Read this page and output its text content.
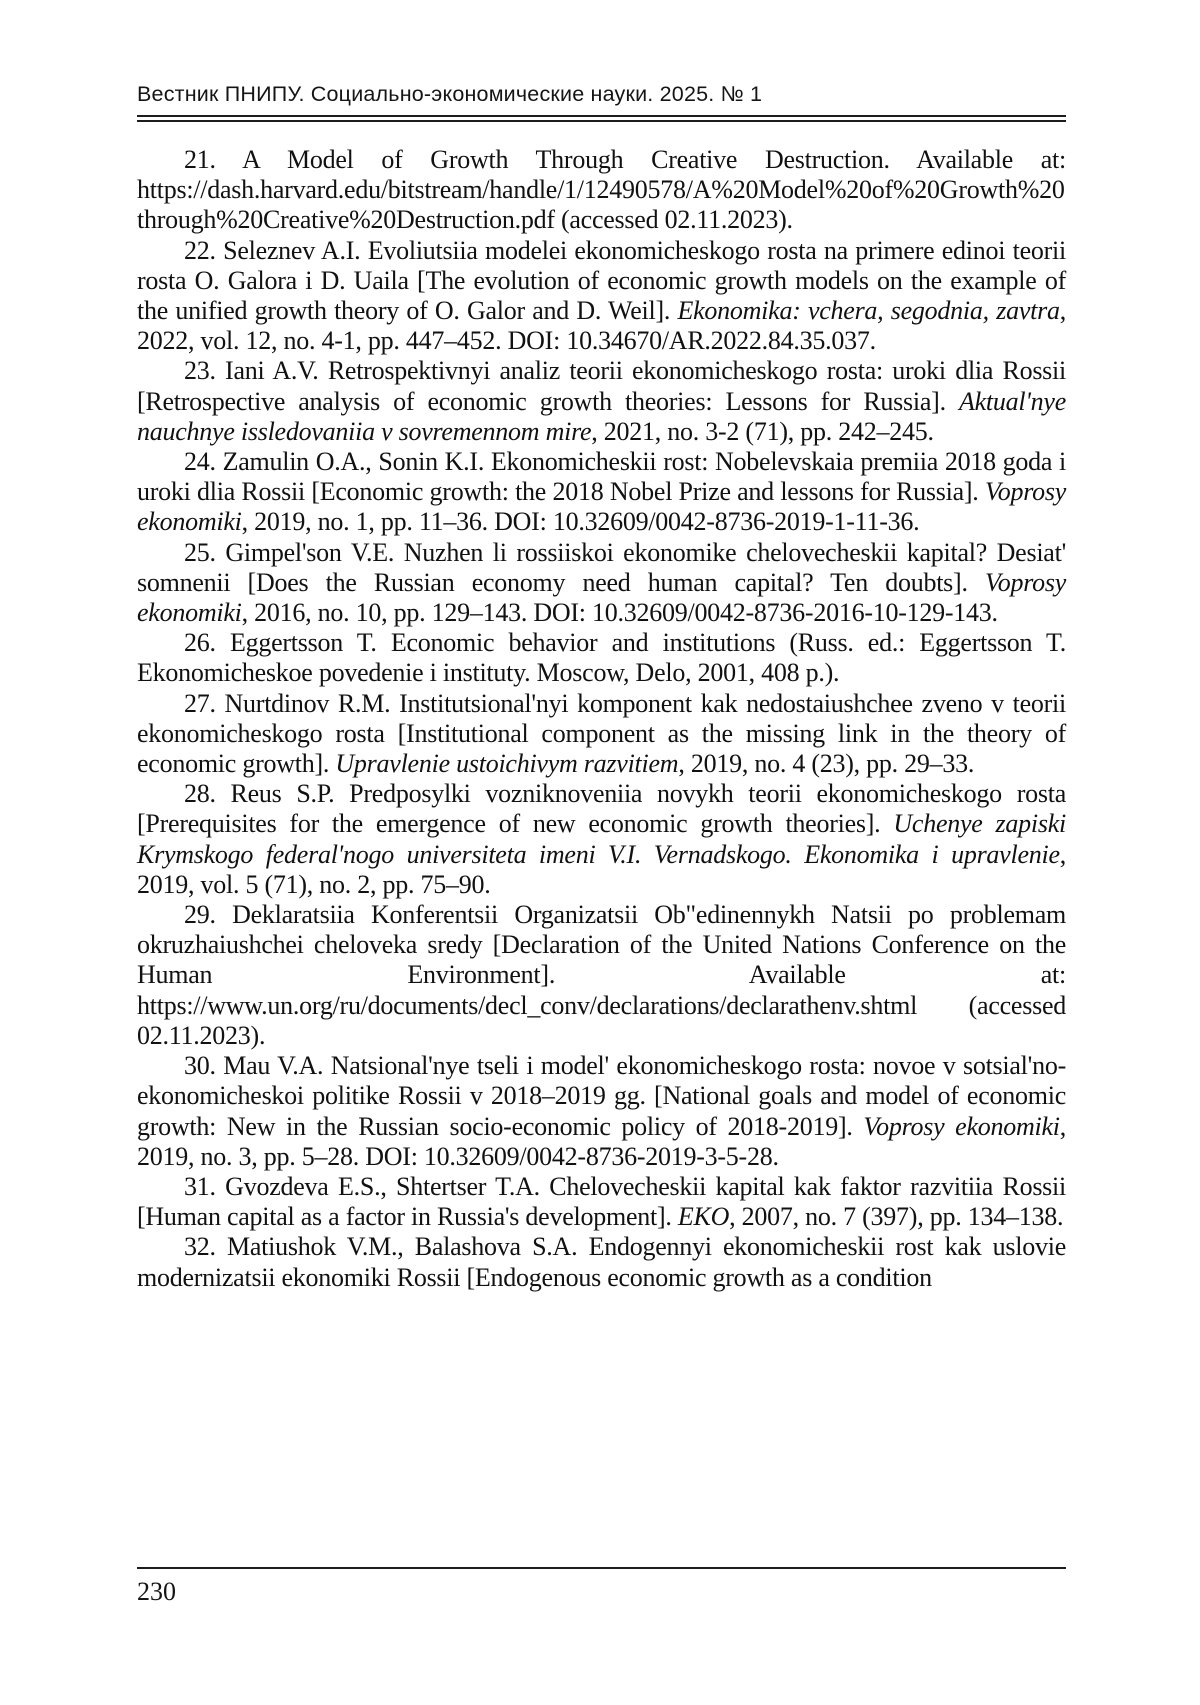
Вестник ПНИПУ. Социально-экономические науки. 2025. № 1

21. A Model of Growth Through Creative Destruction. Available at: https://dash.harvard.edu/bitstream/handle/1/12490578/A%20Model%20of%20Growth%20through%20Creative%20Destruction.pdf (accessed 02.11.2023).

22. Seleznev A.I. Evoliutsiia modelei ekonomicheskogo rosta na primere edinoi teorii rosta O. Galora i D. Uaila [The evolution of economic growth models on the example of the unified growth theory of O. Galor and D. Weil]. Ekonomika: vchera, segodnia, zavtra, 2022, vol. 12, no. 4-1, pp. 447–452. DOI: 10.34670/AR.2022.84.35.037.

23. Iani A.V. Retrospektivnyi analiz teorii ekonomicheskogo rosta: uroki dlia Rossii [Retrospective analysis of economic growth theories: Lessons for Russia]. Aktual'nye nauchnye issledovaniia v sovremennom mire, 2021, no. 3-2 (71), pp. 242–245.

24. Zamulin O.A., Sonin K.I. Ekonomicheskii rost: Nobelevskaia premiia 2018 goda i uroki dlia Rossii [Economic growth: the 2018 Nobel Prize and lessons for Russia]. Voprosy ekonomiki, 2019, no. 1, pp. 11–36. DOI: 10.32609/0042-8736-2019-1-11-36.

25. Gimpel'son V.E. Nuzhen li rossiiskoi ekonomike chelovecheskii kapital? Desiat' somnenii [Does the Russian economy need human capital? Ten doubts]. Voprosy ekonomiki, 2016, no. 10, pp. 129–143. DOI: 10.32609/0042-8736-2016-10-129-143.

26. Eggertsson T. Economic behavior and institutions (Russ. ed.: Eggertsson T. Ekonomicheskoe povedenie i instituty. Moscow, Delo, 2001, 408 p.).

27. Nurtdinov R.M. Institutsional'nyi komponent kak nedostaiushchee zveno v teorii ekonomicheskogo rosta [Institutional component as the missing link in the theory of economic growth]. Upravlenie ustoichivym razvitiem, 2019, no. 4 (23), pp. 29–33.

28. Reus S.P. Predposylki vozniknoveniia novykh teorii ekonomicheskogo rosta [Prerequisites for the emergence of new economic growth theories]. Uchenye zapiski Krymskogo federal'nogo universiteta imeni V.I. Vernadskogo. Ekonomika i upravlenie, 2019, vol. 5 (71), no. 2, pp. 75–90.

29. Deklaratsiia Konferentsii Organizatsii Ob"edinennykh Natsii po problemam okruzhaiushchei cheloveka sredy [Declaration of the United Nations Conference on the Human Environment]. Available at: https://www.un.org/ru/documents/decl_conv/declarations/declarathenv.shtml (accessed 02.11.2023).

30. Mau V.A. Natsional'nye tseli i model' ekonomicheskogo rosta: novoe v sotsial'no-ekonomicheskoi politike Rossii v 2018–2019 gg. [National goals and model of economic growth: New in the Russian socio-economic policy of 2018-2019]. Voprosy ekonomiki, 2019, no. 3, pp. 5–28. DOI: 10.32609/0042-8736-2019-3-5-28.

31. Gvozdeva E.S., Shtertser T.A. Chelovecheskii kapital kak faktor razvitiia Rossii [Human capital as a factor in Russia's development]. EKO, 2007, no. 7 (397), pp. 134–138.

32. Matiushok V.M., Balashova S.A. Endogennyi ekonomicheskii rost kak uslovie modernizatsii ekonomiki Rossii [Endogenous economic growth as a condition

230
